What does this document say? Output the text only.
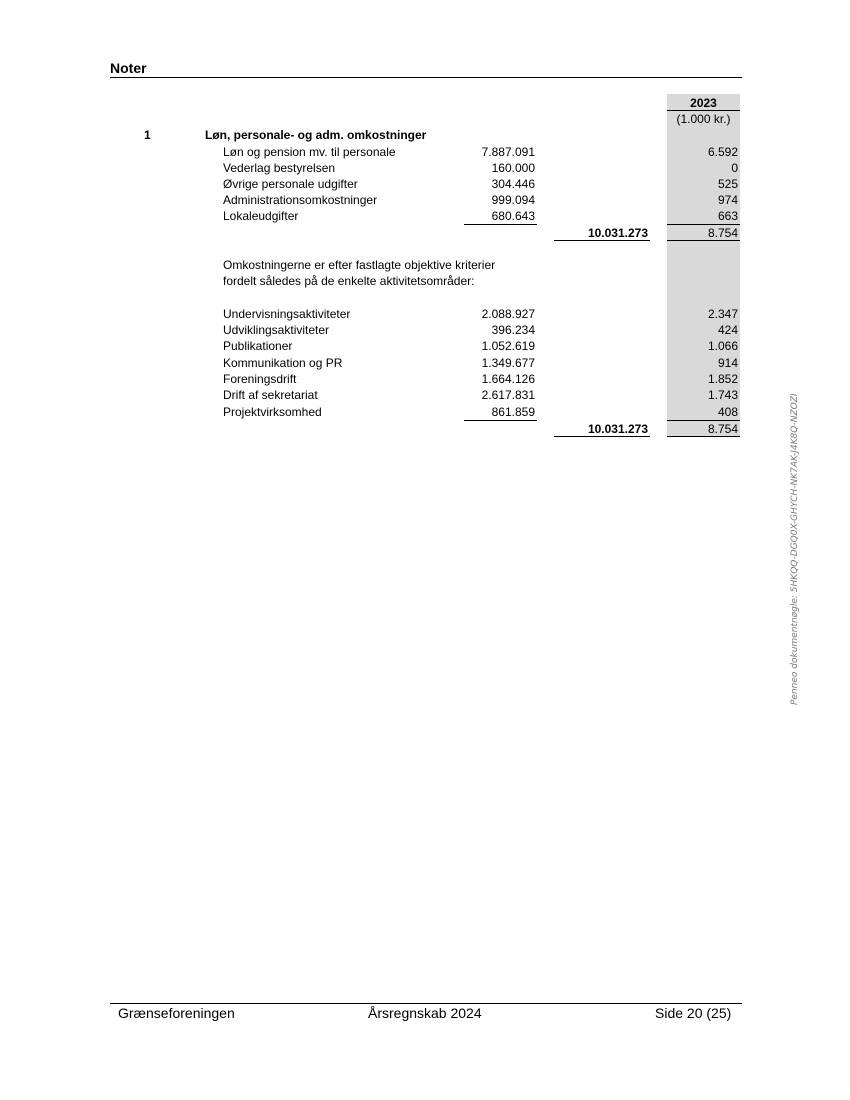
Noter
2023
(1.000 kr.)
1	Løn, personale- og adm. omkostninger
Løn og pension mv. til personale	7.887.091	6.592
Vederlag bestyrelsen	160.000	0
Øvrige personale udgifter	304.446	525
Administrationsomkostninger	999.094	974
Lokaleudgifter	680.643	663
10.031.273	8.754
Omkostningerne er efter fastlagte objektive kriterier
fordelt således på de enkelte aktivitetsområder:
Undervisningsaktiviteter	2.088.927	2.347
Udviklingsaktiviteter	396.234	424
Publikationer	1.052.619	1.066
Kommunikation og PR	1.349.677	914
Foreningsdrift	1.664.126	1.852
Drift af sekretariat	2.617.831	1.743
Projektvirksomhed	861.859	408
10.031.273	8.754	Penneo dokumentnøgle: 5HKQQ-DGQ0X-GHYCH-NK7AK-J4K8Q-NZOZI
Grænseforeningen	Årsregnskab 2024	Side 20 (25)
